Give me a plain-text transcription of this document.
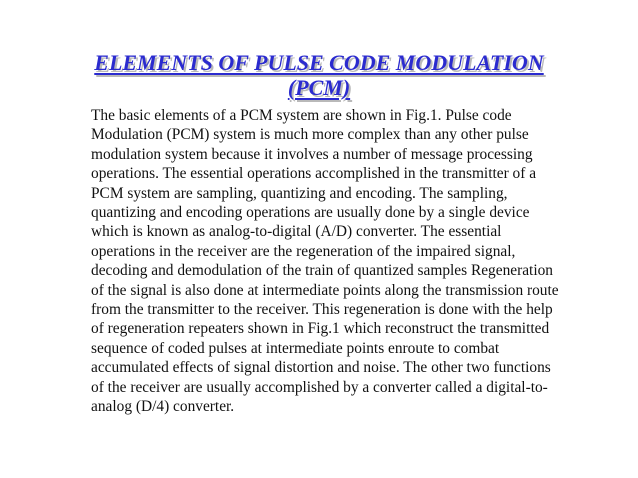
ELEMENTS OF PULSE CODE MODULATION
(PCM)
The basic elements of a PCM system are shown in Fig.1. Pulse code
Modulation (PCM) system is much more complex than any other pulse
modulation system because it involves a number of message processing
operations. The essential operations accomplished in the transmitter of a
PCM system are sampling, quantizing and encoding. The sampling,
quantizing and encoding operations are usually done by a single device
which is known as analog-to-digital (A/D) converter. The essential
operations in the receiver are the regeneration of the impaired signal,
decoding and demodulation of the train of quantized samples Regeneration
of the signal is also done at intermediate points along the transmission route
from the transmitter to the receiver. This regeneration is done with the help
of regeneration repeaters shown in Fig.1 which reconstruct the transmitted
sequence of coded pulses at intermediate points enroute to combat
accumulated effects of signal distortion and noise. The other two functions
of the receiver are usually accomplished by a converter called a digital-to-
analog (D/4) converter.
